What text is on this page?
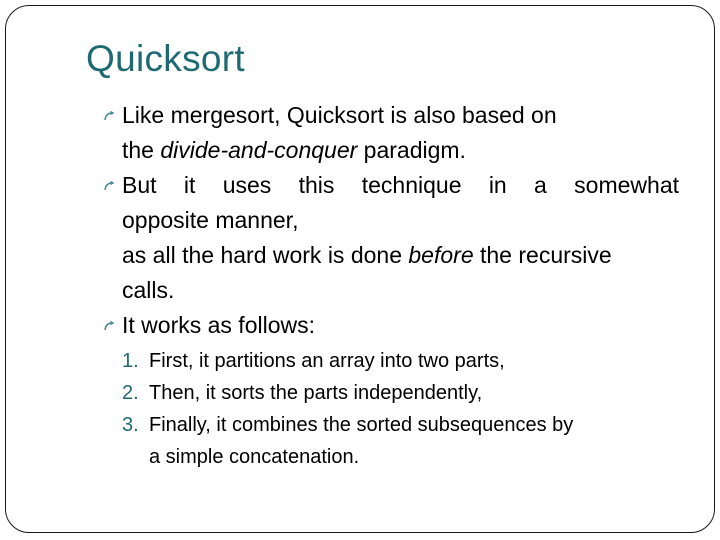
Quicksort
Like mergesort, Quicksort is also based on
the divide-and-conquer paradigm.
But it uses this technique in a somewhat
opposite manner,
as all the hard work is done before the recursive
calls.
It works as follows:
1. First, it partitions an array into two parts,
2. Then, it sorts the parts independently,
3. Finally, it combines the sorted subsequences by
a simple concatenation.
